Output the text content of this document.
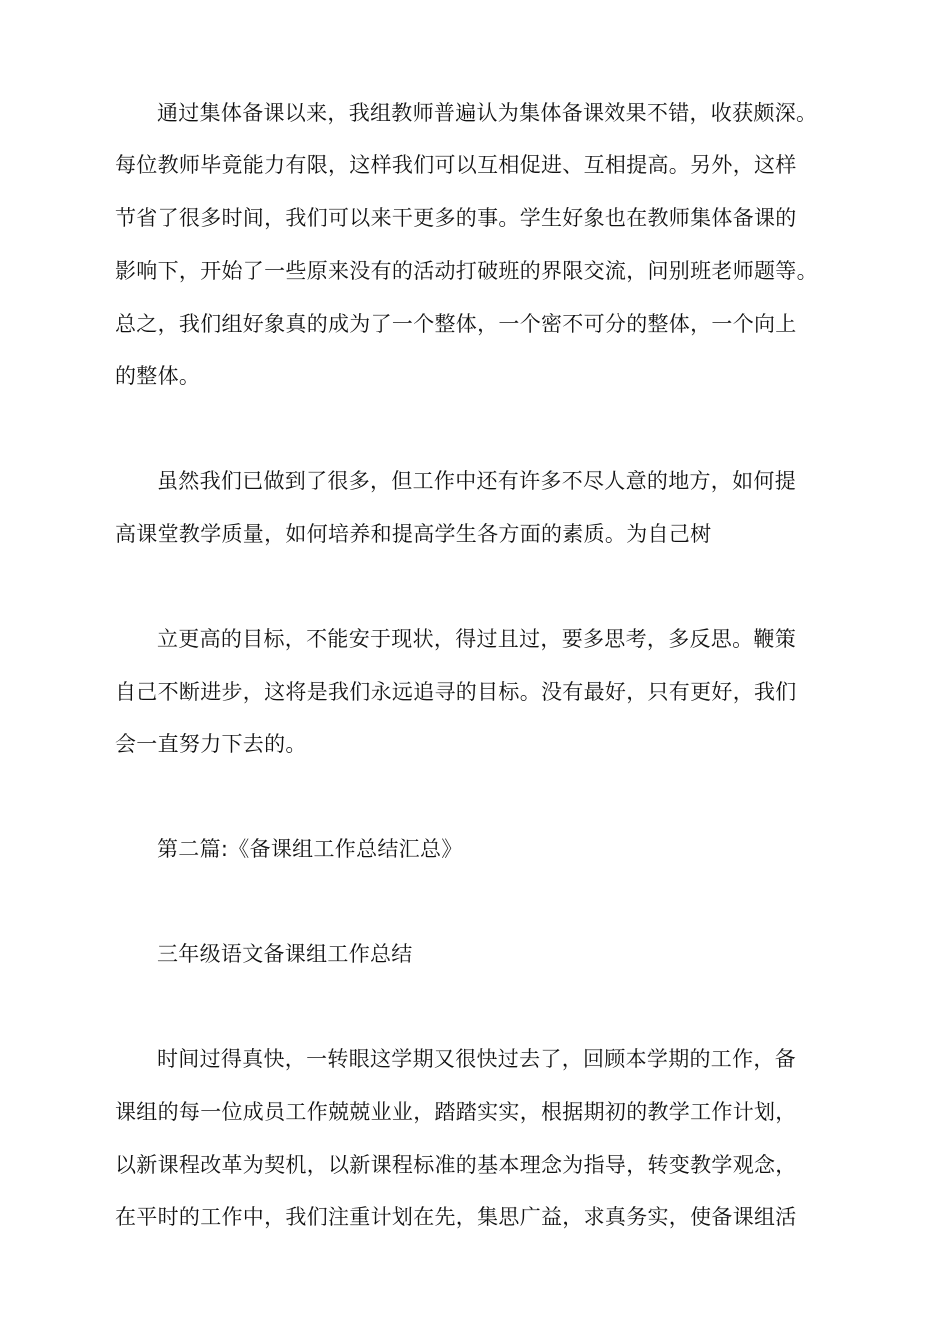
通过集体备课以来，我组教师普遍认为集体备课效果不错，收获颇深。
每位教师毕竟能力有限，这样我们可以互相促进、互相提高。另外，这样
节省了很多时间，我们可以来干更多的事。学生好象也在教师集体备课的
影响下，开始了一些原来没有的活动打破班的界限交流，问别班老师题等。
总之，我们组好象真的成为了一个整体，一个密不可分的整体，一个向上
的整体。
虽然我们已做到了很多，但工作中还有许多不尽人意的地方，如何提
高课堂教学质量，如何培养和提高学生各方面的素质。为自己树
立更高的目标，不能安于现状，得过且过，要多思考，多反思。鞭策
自己不断进步，这将是我们永远追寻的目标。没有最好，只有更好，我们
会一直努力下去的。
第二篇:《备课组工作总结汇总》
三年级语文备课组工作总结
时间过得真快，一转眼这学期又很快过去了，回顾本学期的工作，备
课组的每一位成员工作兢兢业业，踏踏实实，根据期初的教学工作计划，
以新课程改革为契机，以新课程标准的基本理念为指导，转变教学观念，
在平时的工作中，我们注重计划在先，集思广益，求真务实，使备课组活
